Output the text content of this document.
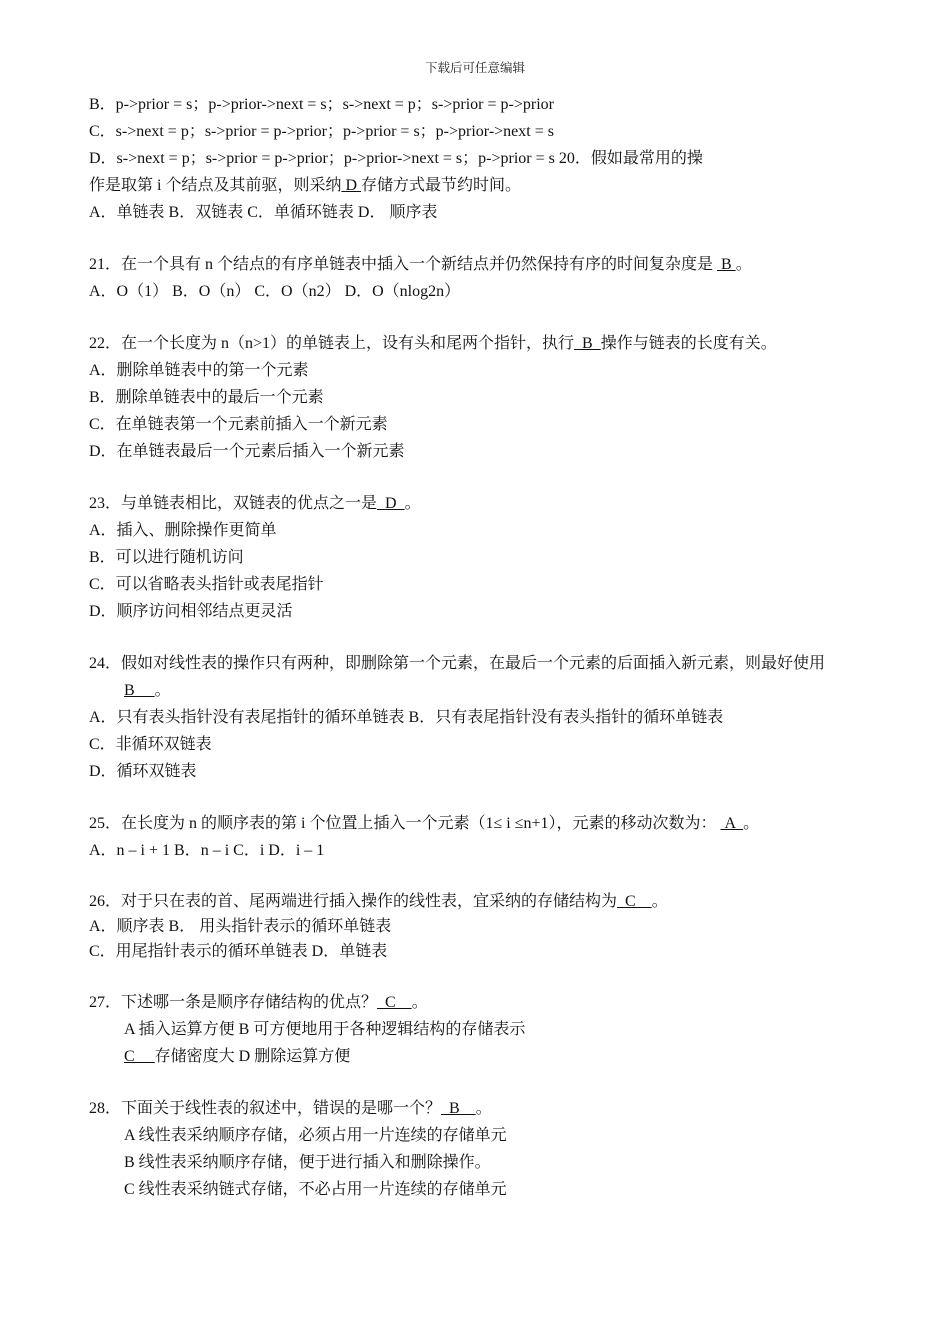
下载后可任意编辑
B．p->prior = s；p->prior->next = s；s->next = p；s->prior = p->prior
C．s->next = p；s->prior = p->prior；p->prior = s；p->prior->next = s
D．s->next = p；s->prior = p->prior；p->prior->next = s；p->prior = s 20．假如最常用的操
作是取第 i 个结点及其前驱，则采纳 D 存储方式最节约时间。
A．单链表 B．双链表 C．单循环链表 D． 顺序表
21．在一个具有 n 个结点的有序单链表中插入一个新结点并仍然保持有序的时间复杂度是  B 。
A．O（1） B．O（n） C．O（n2） D．O（nlog2n）
22．在一个长度为 n（n>1）的单链表上，设有头和尾两个指针，执行  B  操作与链表的长度有关。
A．删除单链表中的第一个元素
B．删除单链表中的最后一个元素
C．在单链表第一个元素前插入一个新元素
D．在单链表最后一个元素后插入一个新元素
23．与单链表相比，双链表的优点之一是  D  。
A．插入、删除操作更简单
B．可以进行随机访问
C．可以省略表头指针或表尾指针
D．顺序访问相邻结点更灵活
24．假如对线性表的操作只有两种，即删除第一个元素，在最后一个元素的后面插入新元素，则最好使用
B     。
A．只有表头指针没有表尾指针的循环单链表 B．只有表尾指针没有表头指针的循环单链表
C．非循环双链表
D．循环双链表
25．在长度为 n 的顺序表的第 i 个位置上插入一个元素（1≤ i ≤n+1），元素的移动次数为：  A  。
A．n – i + 1 B．n – i C．i D．i – 1
26．对于只在表的首、尾两端进行插入操作的线性表，宜采纳的存储结构为  C    。
A．顺序表 B． 用头指针表示的循环单链表
C．用尾指针表示的循环单链表 D．单链表
27．下述哪一条是顺序存储结构的优点？  C    。
A 插入运算方便 B 可方便地用于各种逻辑结构的存储表示
C     存储密度大 D 删除运算方便
28．下面关于线性表的叙述中，错误的是哪一个？  B    。
A 线性表采纳顺序存储，必须占用一片连续的存储单元
B 线性表采纳顺序存储，便于进行插入和删除操作。
C 线性表采纳链式存储，不必占用一片连续的存储单元
